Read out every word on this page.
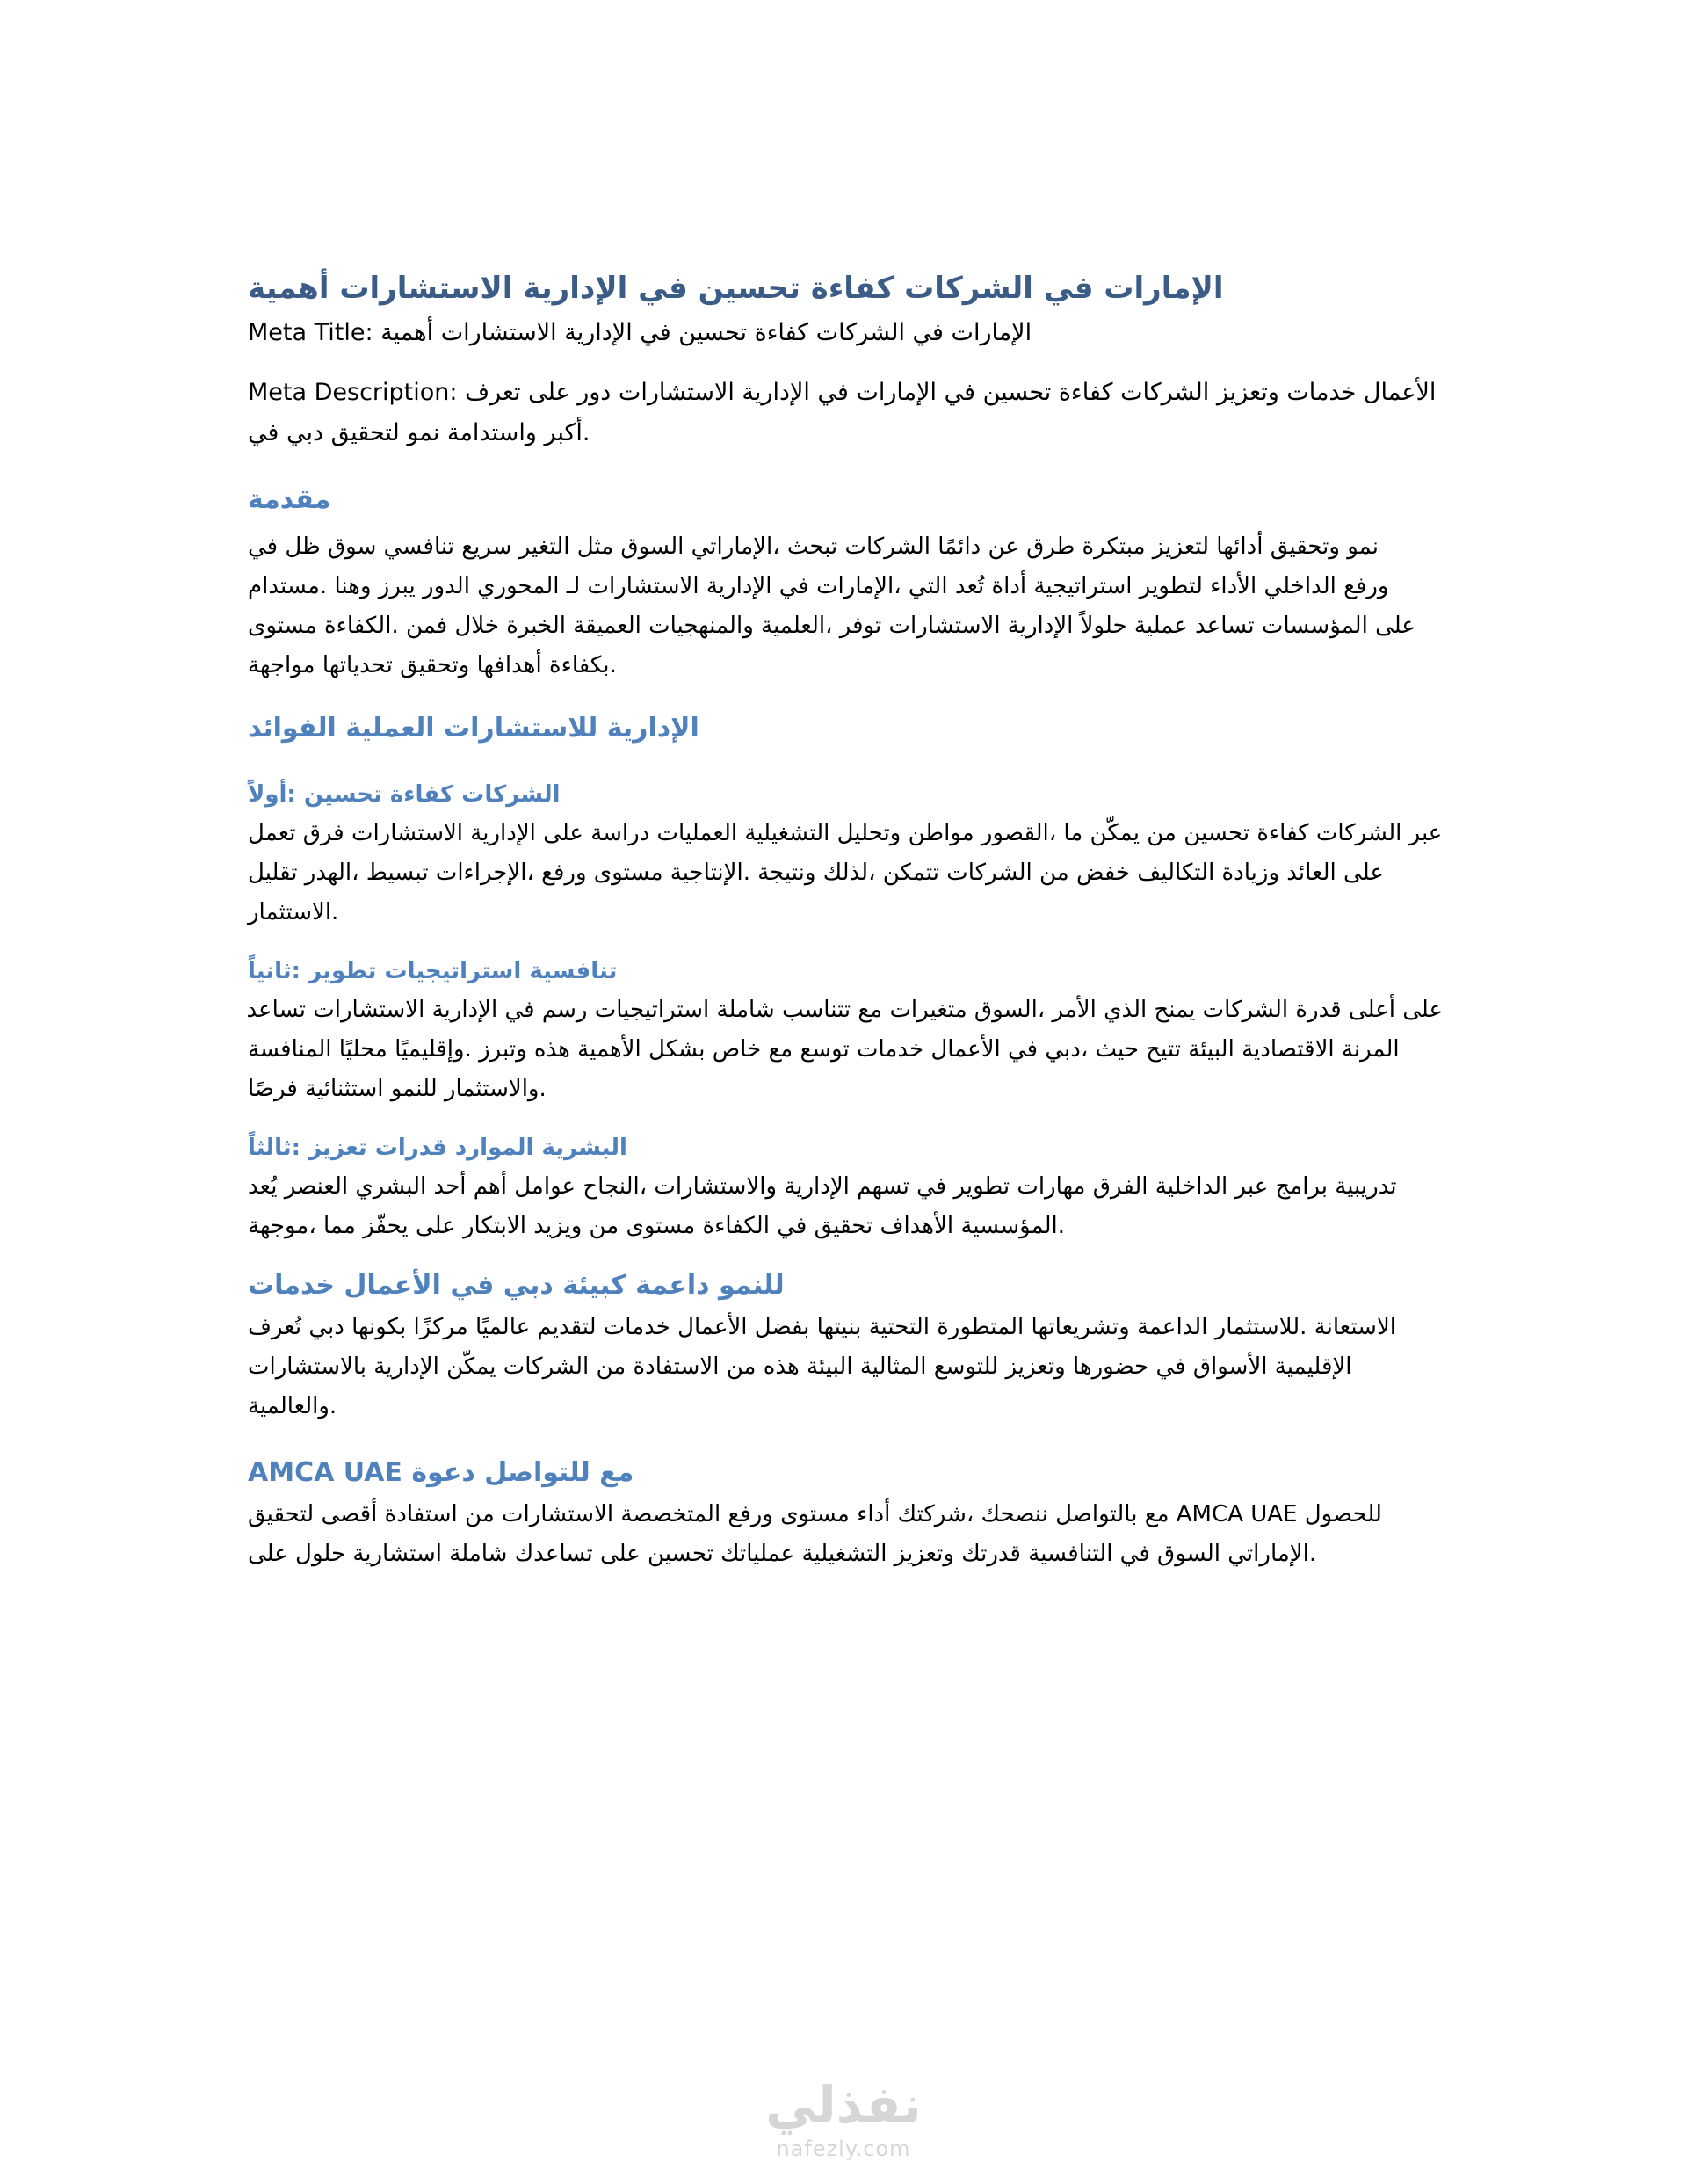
الإمارات في الشركات كفاءة تحسين في الإدارية الاستشارات أهمية
الإمارات في الشركات كفاءة تحسين في الإدارية الاستشارات أهمية :Meta Title
الأعمال خدمات وتعزيز الشركات كفاءة تحسين في الإمارات في الإدارية الاستشارات دور على تعرف :Meta Description
.أكبر واستدامة نمو لتحقيق دبي في
مقدمة
نمو وتحقيق أدائها لتعزيز مبتكرة طرق عن دائمًا الشركات تبحث ،الإماراتي السوق مثل التغير سريع تنافسي سوق ظل في
ورفع الداخلي الأداء لتطوير استراتيجية أداة تُعد التي ،الإمارات في الإدارية الاستشارات لـ المحوري الدور يبرز وهنا .مستدام
على المؤسسات تساعد عملية حلولاً الإدارية الاستشارات توفر ،العلمية والمنهجيات العميقة الخبرة خلال فمن .الكفاءة مستوى
.بكفاءة أهدافها وتحقيق تحدياتها مواجهة
الإدارية للاستشارات العملية الفوائد
الشركات كفاءة تحسين :أولاً
عبر الشركات كفاءة تحسين من يمكّن ما ،القصور مواطن وتحليل التشغيلية العمليات دراسة على الإدارية الاستشارات فرق تعمل
على العائد وزيادة التكاليف خفض من الشركات تتمكن ،لذلك ونتيجة .الإنتاجية مستوى ورفع ،الإجراءات تبسيط ،الهدر تقليل
.الاستثمار
تنافسية استراتيجيات تطوير :ثانياً
على أعلى قدرة الشركات يمنح الذي الأمر ،السوق متغيرات مع تتناسب شاملة استراتيجيات رسم في الإدارية الاستشارات تساعد
المرنة الاقتصادية البيئة تتيح حيث ،دبي في الأعمال خدمات توسع مع خاص بشكل الأهمية هذه وتبرز .وإقليميًا محليًا المنافسة
.والاستثمار للنمو استثنائية فرصًا
البشرية الموارد قدرات تعزيز :ثالثاً
تدريبية برامج عبر الداخلية الفرق مهارات تطوير في تسهم الإدارية والاستشارات ،النجاح عوامل أهم أحد البشري العنصر يُعد
.المؤسسية الأهداف تحقيق في الكفاءة مستوى من ويزيد الابتكار على يحفّز مما ،موجهة
للنمو داعمة كبيئة دبي في الأعمال خدمات
الاستعانة .للاستثمار الداعمة وتشريعاتها المتطورة التحتية بنيتها بفضل الأعمال خدمات لتقديم عالميًا مركزًا بكونها دبي تُعرف
الإقليمية الأسواق في حضورها وتعزيز للتوسع المثالية البيئة هذه من الاستفادة من الشركات يمكّن الإدارية بالاستشارات
.والعالمية
AMCA UAE مع للتواصل دعوة
للحصول AMCA UAE مع بالتواصل ننصحك ،شركتك أداء مستوى ورفع المتخصصة الاستشارات من استفادة أقصى لتحقيق
.الإماراتي السوق في التنافسية قدرتك وتعزيز التشغيلية عملياتك تحسين على تساعدك شاملة استشارية حلول على
نفذلي
nafezly.com
